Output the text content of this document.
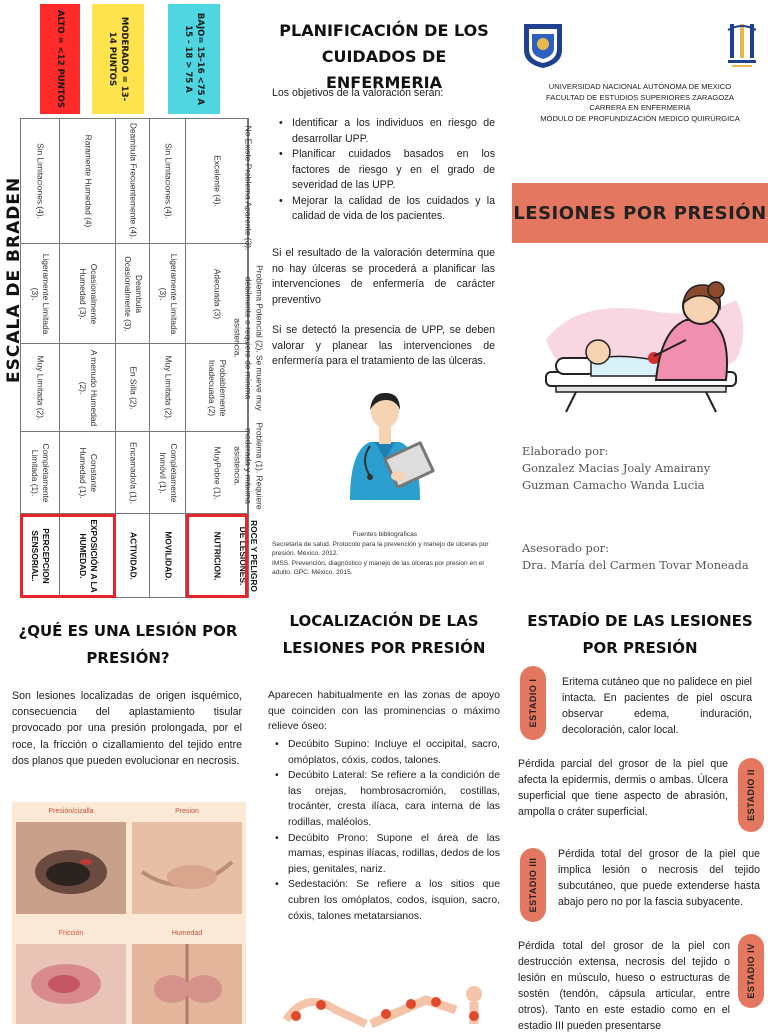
ALTO = <12 PUNTOS	MODERADO = 13-14 PUNTOS	BAJO= 15-16 <75 A 15 - 18 > 75 A
ESCALA DE BRADEN
PERCEPCION SENSORIAL.
Completamente Limitada (1).
Muy Limitada (2).
Ligeramente Limitada (3).
Sin Limitaciones (4).
EXPOSICIÓN A LA HUMEDAD.
Constante Humedad (1).
A menudo Humedad (2).
Ocasionalmente Humedad (3).
Raramente Humedad (4)
ACTIVIDAD.
Encamado/a (1).
En Silla (2).
Deambula Ocasionalmente (3).
Deambula Frecuentemente (4).
MOVILIDAD.
Completamente Inmóvil (1).
Muy Limitada (2).
Ligeramente Limitada (3).
Sin Limitaciones (4).
NUTRICION.
MuyPobre (1).
Probablemente Inadecuada (2)
Adecuada (3)
Excelente (4).
ROCE Y PELIGRO DE LESIONES.
Problema (1). Requiere moderada y máxima asistencia.
Problema Potencial (2). Se mueve muy débilmente o requiere de mínima asistencia.
No Existe Problema Aparente (3).
PLANIFICACIÓN DE LOS CUIDADOS DE ENFERMERIA

Los objetivos de la valoración serán:

• Identificar a los individuos en riesgo de desarrollar UPP.
• Planificar cuidados basados en los factores de riesgo y en el grado de severidad de las UPP.
• Mejorar la calidad de los cuidados y la calidad de vida de los pacientes.

Si el resultado de la valoración determina que no hay úlceras se procederá a planificar las intervenciones de enfermería de carácter preventivo

Si se detectó la presencia de UPP, se deben valorar y planear las intervenciones de enfermería para el tratamiento de las úlceras.

Fuentes bibliograficas
Secretaria de salud. Protocolo para la prevención y manejo de úlceras por presión. México. 2012.
IMSS. Prevención, diagnóstico y manejo de las úlceras por presion en el adulto. GPC. México. 2015.
UNIVERSIDAD NACIONAL AUTÓNOMA DE MEXICO
FACULTAD DE ESTUDIOS SUPERIORES ZARAGOZA
CARRERA EN ENFERMERIA
MÓDULO DE PROFUNDIZACIÓN MEDICO QUIRÚRGICA
LESIONES POR PRESIÓN
Elaborado por:
Gonzalez Macias Joaly Amairany
Guzman Camacho Wanda Lucia
Asesorado por:
Dra. María del Carmen Tovar Moneada
¿QUÉ ES UNA LESIÓN POR PRESIÓN?

Son lesiones localizadas de origen isquémico, consecuencia del aplastamiento tisular provocado por una presión prolongada, por el roce, la fricción o cizallamiento del tejido entre dos planos que pueden evolucionar en necrosis.

Presión/cizalla	Presion
Fricción	Humedad
LOCALIZACIÓN DE LAS LESIONES POR PRESIÓN

Aparecen habitualmente en las zonas de apoyo que coinciden con las prominencias o máximo relieve óseo:

• Decúbito Supino: Incluye el occipital, sacro, omóplatos, cóxis, codos, talones.
• Decúbito Lateral: Se refiere a la condición de las orejas, hombrosacromión, costillas, trocánter, cresta ilíaca, cara interna de las rodillas, maléolos.
• Decúbito Prono: Supone el área de las mamas, espinas ilíacas, rodillas, dedos de los pies, genitales, nariz.
• Sedestación: Se refiere a los sitios que cubren los omóplatos, codos, isquion, sacro, cóxis, talones metatarsianos.
ESTADÍO DE LAS LESIONES POR PRESIÓN
ESTADIO I Eritema cutáneo que no palidece en piel intacta. En pacientes de piel oscura observar edema, induración, decoloración, calor local.

ESTADIO II

Pérdida parcial del grosor de la piel que afecta la epidermis, dermis o ambas. Úlcera superficial que tiene aspecto de abrasión, ampolla o cráter superficial.

ESTADIO III

Pérdida total del grosor de la piel que implica lesión o necrosis del tejido subcutáneo, que puede extenderse hasta abajo pero no por la fascia subyacente.

ESTADIO IV

Pérdida total del grosor de la piel con destrucción extensa, necrosis del tejido o lesión en músculo, hueso o estructuras de sostén (tendón, cápsula articular, entre otros). Tanto en este estadio como en el estadio III pueden presentarse
